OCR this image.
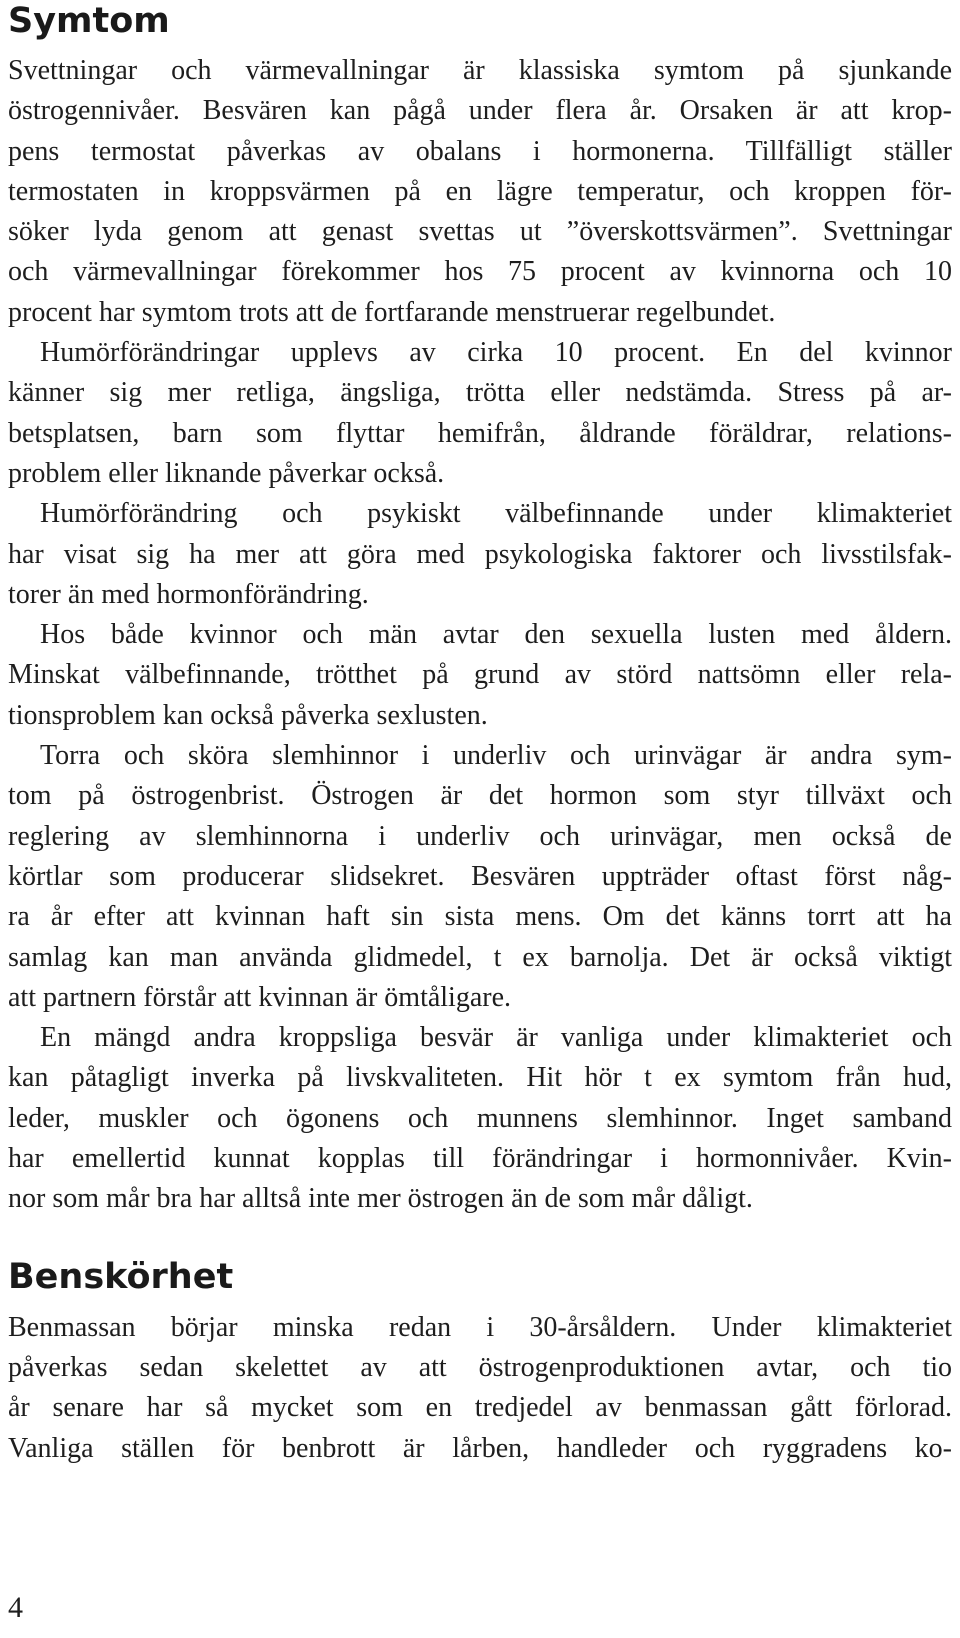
Symtom

Svettningar och värmevallningar är klassiska symtom på sjunkande
östrogennivåer. Besvären kan pågå under flera år. Orsaken är att krop-
pens termostat påverkas av obalans i hormonerna. Tillfälligt ställer
termostaten in kroppsvärmen på en lägre temperatur, och kroppen för-
söker lyda genom att genast svettas ut ”överskottsvärmen”. Svettningar
och värmevallningar förekommer hos 75 procent av kvinnorna och 10
procent har symtom trots att de fortfarande menstruerar regelbundet.

Humörförändringar upplevs av cirka 10 procent. En del kvinnor
känner sig mer retliga, ängsliga, trötta eller nedstämda. Stress på ar-
betsplatsen, barn som flyttar hemifrån, åldrande föräldrar, relations-
problem eller liknande påverkar också.

Humörförändring och psykiskt välbefinnande under klimakteriet
har visat sig ha mer att göra med psykologiska faktorer och livsstilsfak-
torer än med hormonförändring.

Hos både kvinnor och män avtar den sexuella lusten med åldern.
Minskat välbefinnande, trötthet på grund av störd nattsömn eller rela-
tionsproblem kan också påverka sexlusten.

Torra och sköra slemhinnor i underliv och urinvägar är andra sym-
tom på östrogenbrist. Östrogen är det hormon som styr tillväxt och
reglering av slemhinnorna i underliv och urinvägar, men också de
körtlar som producerar slidsekret. Besvären uppträder oftast först någ-
ra år efter att kvinnan haft sin sista mens. Om det känns torrt att ha
samlag kan man använda glidmedel, t ex barnolja. Det är också viktigt
att partnern förstår att kvinnan är ömtåligare.

En mängd andra kroppsliga besvär är vanliga under klimakteriet och
kan påtagligt inverka på livskvaliteten. Hit hör t ex symtom från hud,
leder, muskler och ögonens och munnens slemhinnor. Inget samband
har emellertid kunnat kopplas till förändringar i hormonnivåer. Kvin-
nor som mår bra har alltså inte mer östrogen än de som mår dåligt.

Benskörhet

Benmassan börjar minska redan i 30-årsåldern. Under klimakteriet
påverkas sedan skelettet av att östrogenproduktionen avtar, och tio
år senare har så mycket som en tredjedel av benmassan gått förlorad.
Vanliga ställen för benbrott är lårben, handleder och ryggradens ko-

4
